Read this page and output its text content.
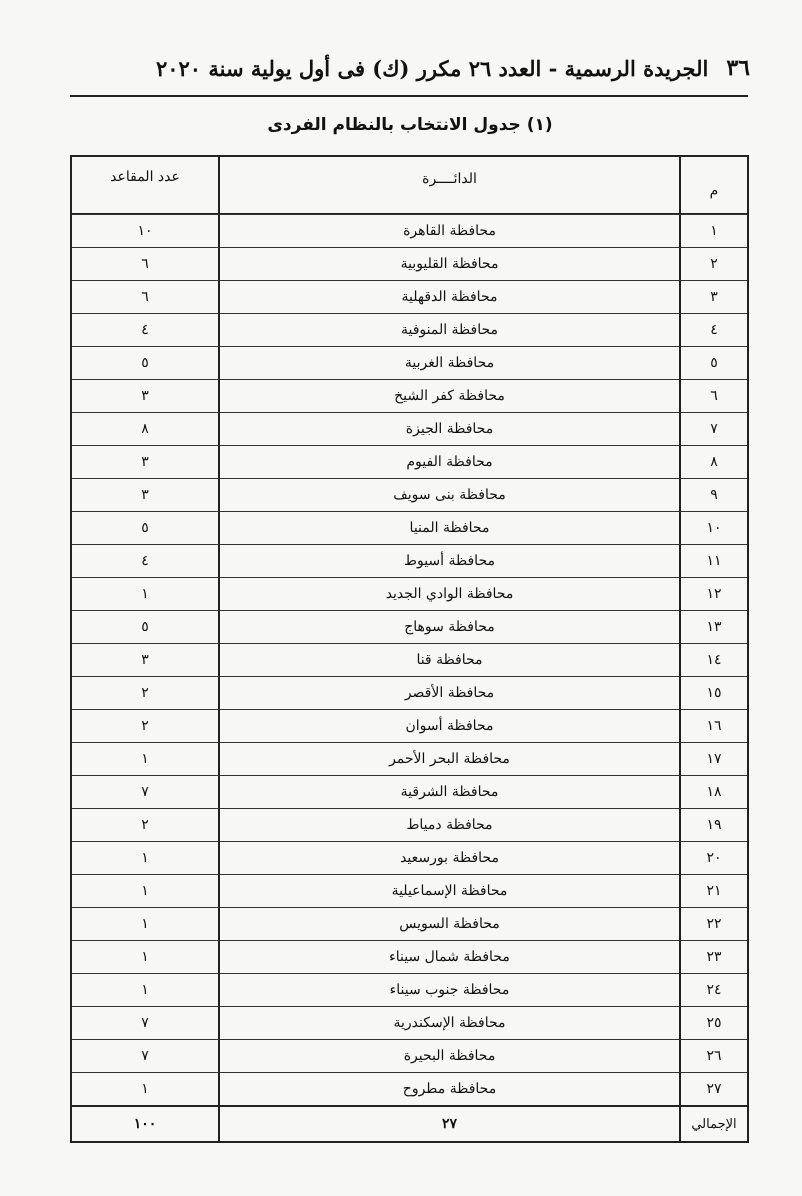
٣٦
الجريدة الرسمية - العدد ٢٦ مكرر (ك) فى أول يولية سنة ٢٠٢٠
(١) جدول الانتخاب بالنظام الفردى
م
الدائــــرة
عدد المقاعد
١
محافظة القاهرة
١٠
٢
محافظة القليوبية
٦
٣
محافظة الدقهلية
٦
٤
محافظة المنوفية
٤
٥
محافظة الغربية
٥
٦
محافظة كفر الشيخ
٣
٧
محافظة الجيزة
٨
٨
محافظة الفيوم
٣
٩
محافظة بنى سويف
٣
١٠
محافظة المنيا
٥
١١
محافظة أسيوط
٤
١٢
محافظة الوادي الجديد
١
١٣
محافظة سوهاج
٥
١٤
محافظة قنا
٣
١٥
محافظة الأقصر
٢
١٦
محافظة أسوان
٢
١٧
محافظة البحر الأحمر
١
١٨
محافظة الشرقية
٧
١٩
محافظة دمياط
٢
٢٠
محافظة بورسعيد
١
٢١
محافظة الإسماعيلية
١
٢٢
محافظة السويس
١
٢٣
محافظة شمال سيناء
١
٢٤
محافظة جنوب سيناء
١
٢٥
محافظة الإسكندرية
٧
٢٦
محافظة البحيرة
٧
٢٧
محافظة مطروح
١
الإجمالي
٢٧
١٠٠
